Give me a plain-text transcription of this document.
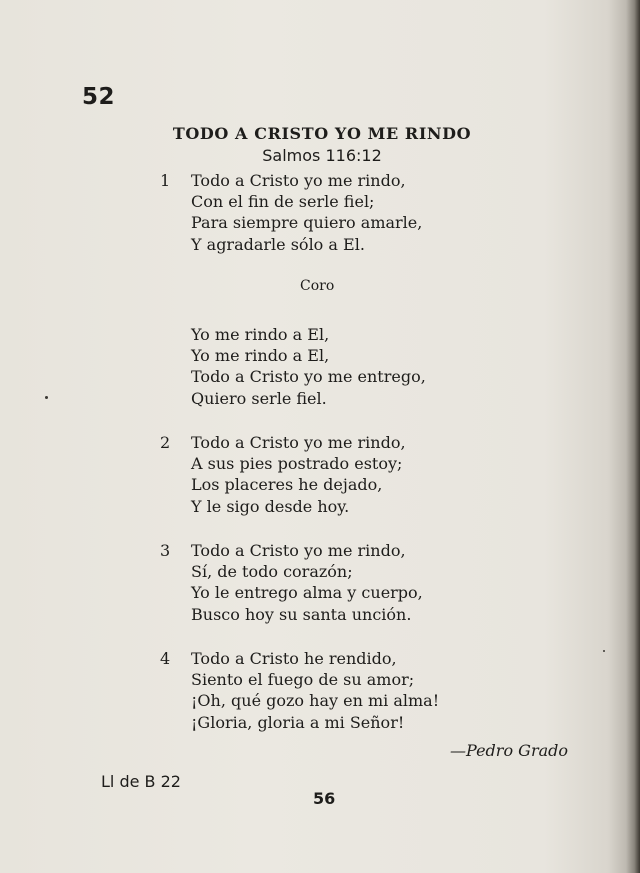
52
TODO A CRISTO YO ME RINDO
Salmos 116:12
1 Todo a Cristo yo me rindo,
Con el fin de serle fiel;
Para siempre quiero amarle,
Y agradarle sólo a El.
Coro
Yo me rindo a El,
Yo me rindo a El,
Todo a Cristo yo me entrego,
Quiero serle fiel.
2 Todo a Cristo yo me rindo,
A sus pies postrado estoy;
Los placeres he dejado,
Y le sigo desde hoy.
3 Todo a Cristo yo me rindo,
Sí, de todo corazón;
Yo le entrego alma y cuerpo,
Busco hoy su santa unción.
4 Todo a Cristo he rendido,
Siento el fuego de su amor;
¡Oh, qué gozo hay en mi alma!
¡Gloria, gloria a mi Señor!
—Pedro Grado
Ll de B 22
56
